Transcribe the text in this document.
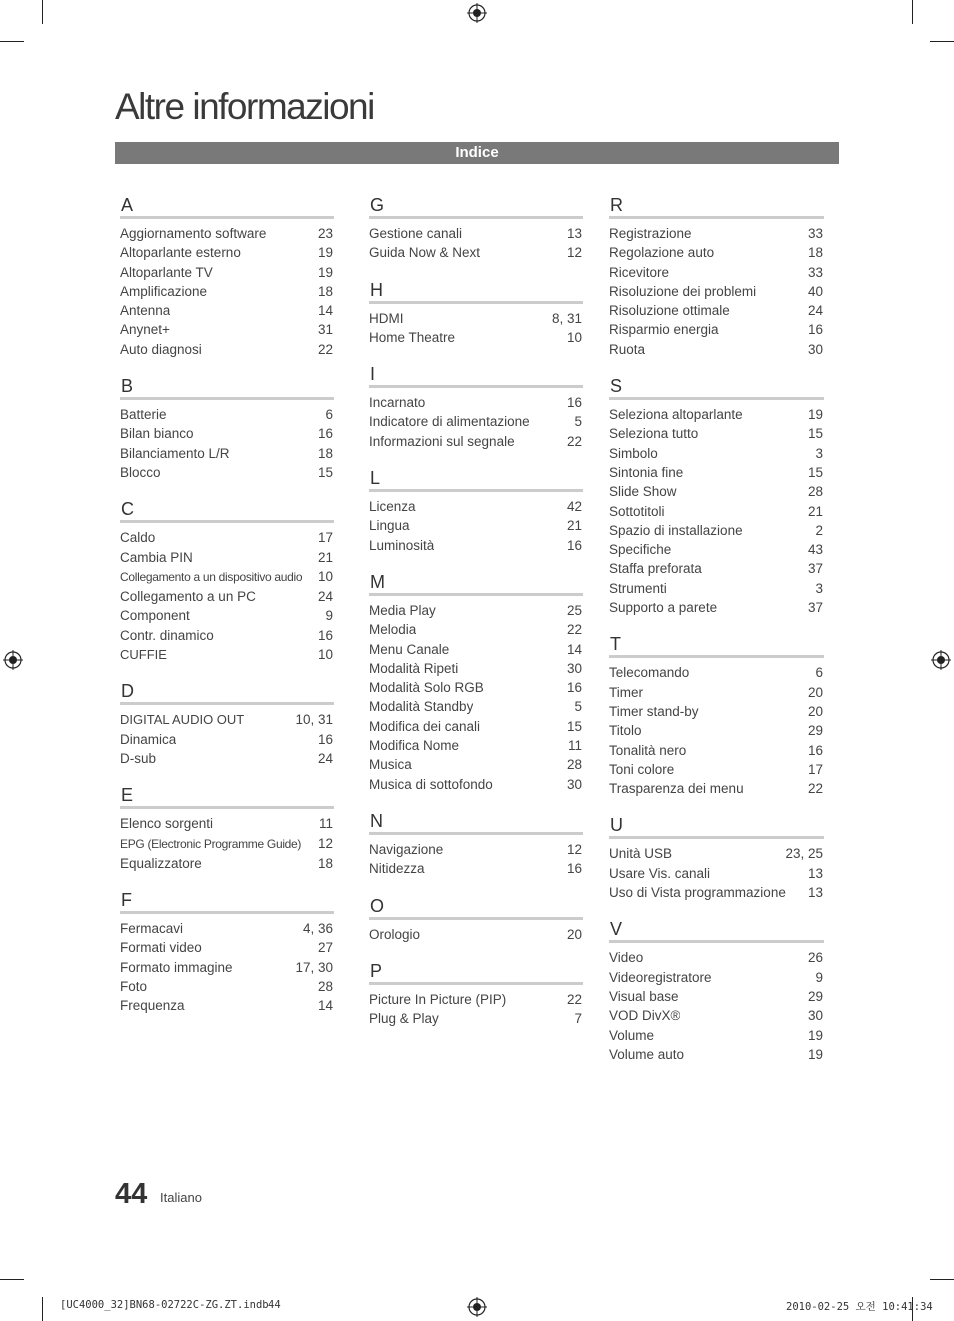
Altre informazioni
Indice
A
Aggiornamento software	23
Altoparlante esterno	19
Altoparlante TV	19
Amplificazione	18
Antenna	14
Anynet+	31
Auto diagnosi	22
B
Batterie	6
Bilan bianco	16
Bilanciamento L/R	18
Blocco	15
C
Caldo	17
Cambia PIN	21
Collegamento a un dispositivo audio 10
Collegamento a un PC	24
Component	9
Contr. dinamico	16
CUFFIE	10
D
DIGITAL AUDIO OUT	10, 31
Dinamica	16
D-sub	24
E
Elenco sorgenti	11
EPG (Electronic Programme Guide) 12
Equalizzatore	18
F
Fermacavi	4, 36
Formati video	27
Formato immagine	17, 30
Foto	28
Frequenza	14
G
Gestione canali	13
Guida Now & Next	12
H
HDMI	8, 31
Home Theatre	10
I
Incarnato	16
Indicatore di alimentazione	5
Informazioni sul segnale	22
L
Licenza	42
Lingua	21
Luminosità	16
M
Media Play	25
Melodia	22
Menu Canale	14
Modalità Ripeti	30
Modalità Solo RGB	16
Modalità Standby	5
Modifica dei canali	15
Modifica Nome	11
Musica	28
Musica di sottofondo	30
N
Navigazione	12
Nitidezza	16
O
Orologio	20
P
Picture In Picture (PIP)	22
Plug & Play	7
R
Registrazione	33
Regolazione auto	18
Ricevitore	33
Risoluzione dei problemi	40
Risoluzione ottimale	24
Risparmio energia	16
Ruota	30
S
Seleziona altoparlante	19
Seleziona tutto	15
Simbolo	3
Sintonia fine	15
Slide Show	28
Sottotitoli	21
Spazio di installazione	2
Specifiche	43
Staffa preforata	37
Strumenti	3
Supporto a parete	37
T
Telecomando	6
Timer	20
Timer stand-by	20
Titolo	29
Tonalità nero	16
Toni colore	17
Trasparenza dei menu	22
U
Unità USB	23, 25
Usare Vis. canali	13
Uso di Vista programmazione 13
V
Video	26
Videoregistratore	9
Visual base	29
VOD DivX®	30
Volume	19
Volume auto	19
44 Italiano
[UC4000_32]BN68-02722C-ZG.ZT.indb 44	2010-02-25 오전 10:41:34
